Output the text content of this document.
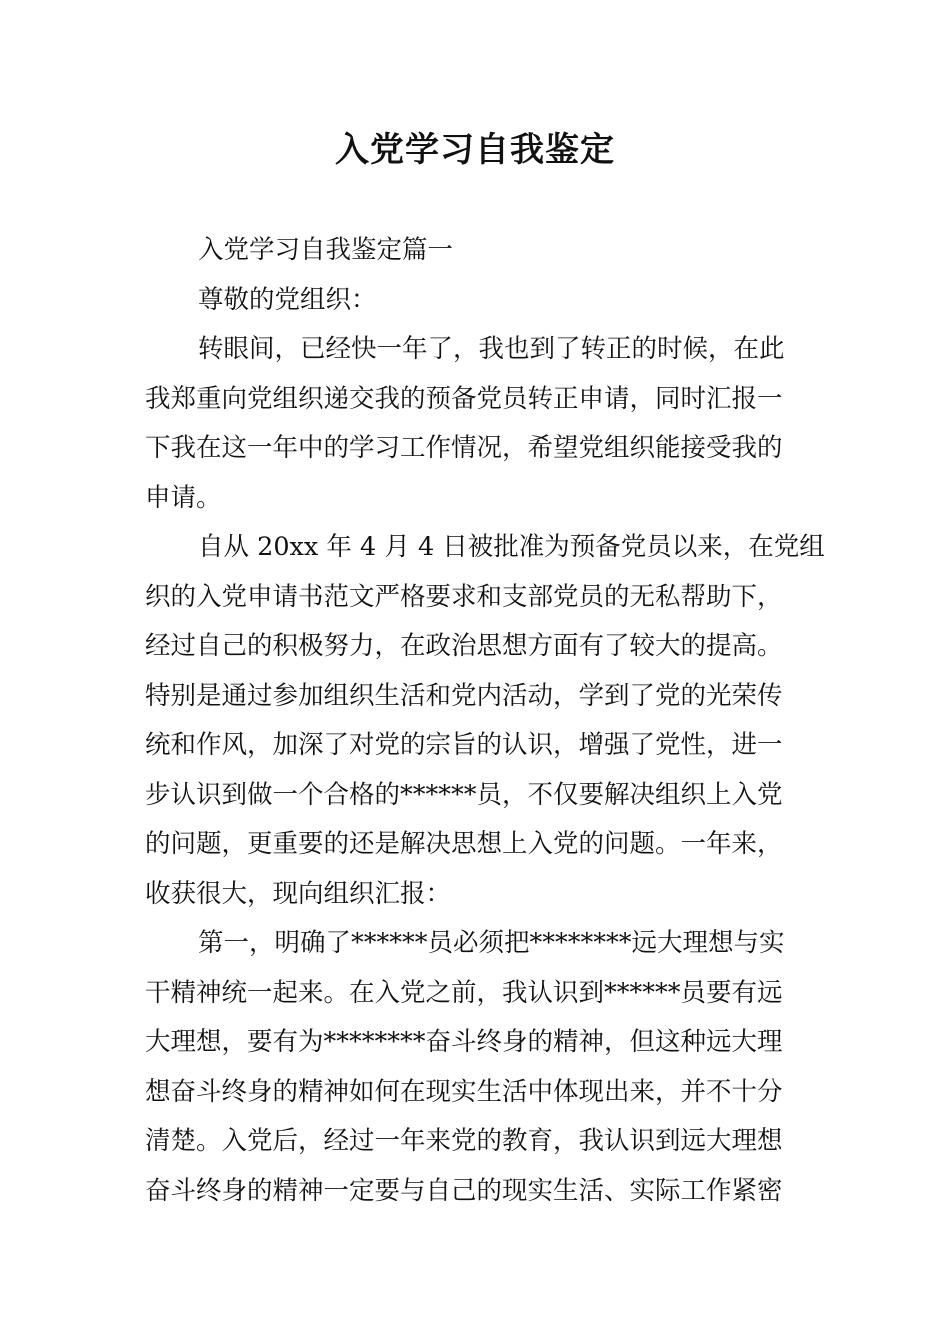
入党学习自我鉴定
入党学习自我鉴定篇一
尊敬的党组织：
转眼间，已经快一年了，我也到了转正的时候，在此
我郑重向党组织递交我的预备党员转正申请，同时汇报一
下我在这一年中的学习工作情况，希望党组织能接受我的
申请。
自从 20xx 年 4 月 4 日被批准为预备党员以来，在党组
织的入党申请书范文严格要求和支部党员的无私帮助下，
经过自己的积极努力，在政治思想方面有了较大的提高。
特别是通过参加组织生活和党内活动，学到了党的光荣传
统和作风，加深了对党的宗旨的认识，增强了党性，进一
步认识到做一个合格的******员，不仅要解决组织上入党
的问题，更重要的还是解决思想上入党的问题。一年来，
收获很大，现向组织汇报：
第一，明确了******员必须把********远大理想与实
干精神统一起来。在入党之前，我认识到******员要有远
大理想，要有为********奋斗终身的精神，但这种远大理
想奋斗终身的精神如何在现实生活中体现出来，并不十分
清楚。入党后，经过一年来党的教育，我认识到远大理想
奋斗终身的精神一定要与自己的现实生活、实际工作紧密
